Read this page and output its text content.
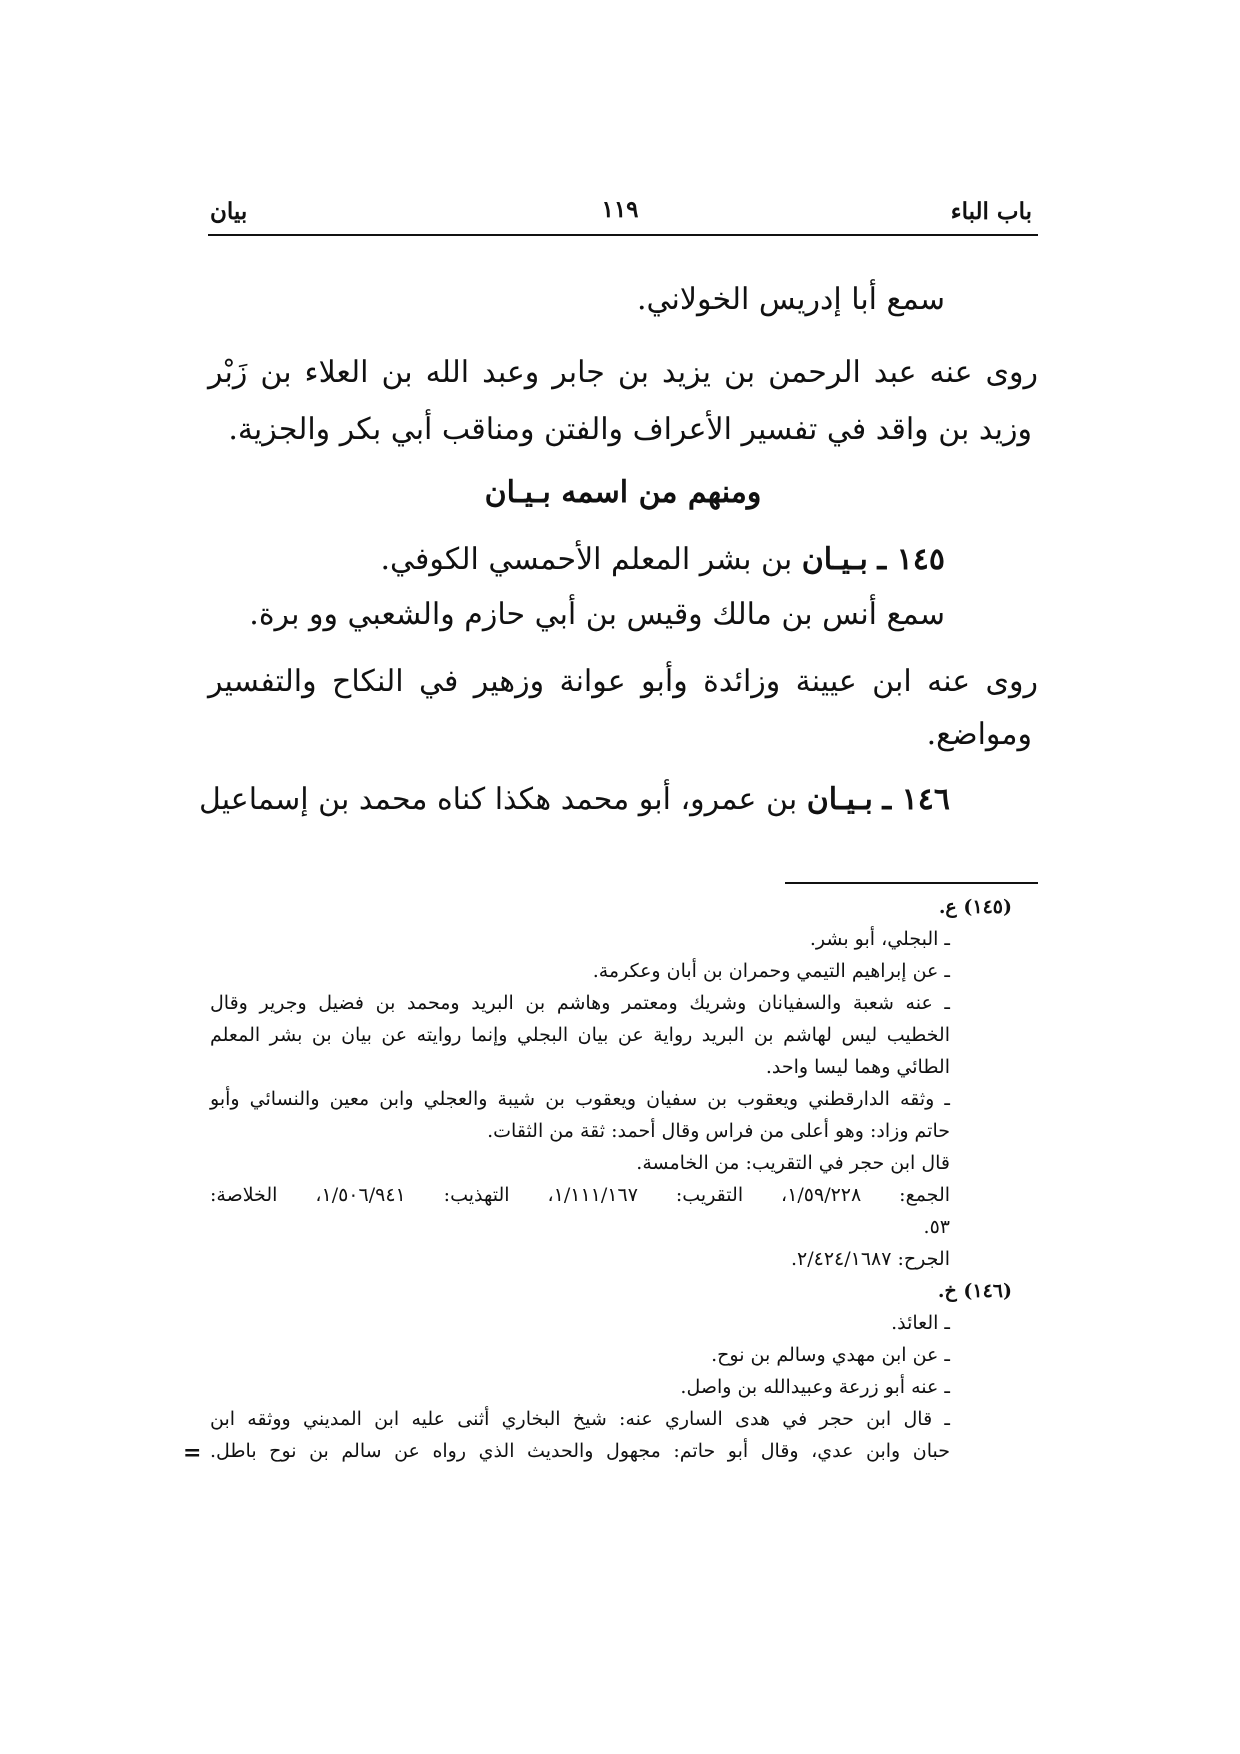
بيان	١١٩	باب الباء
سمع أبا إدريس الخولاني.
روى عنه عبد الرحمن بن يزيد بن جابر وعبد الله بن العلاء بن زَبْر
وزيد بن واقد في تفسير الأعراف والفتن ومناقب أبي بكر والجزية.
ومنهم من اسمه بـيـان
١٤٥ ـ بـيـان بن بشر المعلم الأحمسي الكوفي.
سمع أنس بن مالك وقيس بن أبي حازم والشعبي وو برة.
روى عنه ابن عيينة وزائدة وأبو عوانة وزهير في النكاح والتفسير
ومواضع.
١٤٦ ـ بـيـان بن عمرو، أبو محمد هكذا كناه محمد بن إسماعيل
(١٤٥) ع.
ـ البجلي، أبو بشر.
ـ عن إبراهيم التيمي وحمران بن أبان وعكرمة.
ـ عنه شعبة والسفيانان وشريك ومعتمر وهاشم بن البريد ومحمد بن فضيل وجرير وقال
الخطيب ليس لهاشم بن البريد رواية عن بيان البجلي وإنما روايته عن بيان بن بشر المعلم
الطائي وهما ليسا واحد.
ـ وثقه الدارقطني ويعقوب بن سفيان ويعقوب بن شيبة والعجلي وابن معين والنسائي وأبو
حاتم وزاد: وهو أعلى من فراس وقال أحمد: ثقة من الثقات.
قال ابن حجر في التقريب: من الخامسة.
الجمع: ١/٥٩/٢٢٨، التقريب: ١/١١١/١٦٧، التهذيب: ١/٥٠٦/٩٤١، الخلاصة:
٥٣.
الجرح: ٢/٤٢٤/١٦٨٧.
(١٤٦) خ.
ـ العائذ.
ـ عن ابن مهدي وسالم بن نوح.
ـ عنه أبو زرعة وعبيدالله بن واصل.
ـ قال ابن حجر في هدى الساري عنه: شيخ البخاري أثنى عليه ابن المديني ووثقه ابن
حبان وابن عدي، وقال أبو حاتم: مجهول والحديث الذي رواه عن سالم بن نوح باطل.
=
